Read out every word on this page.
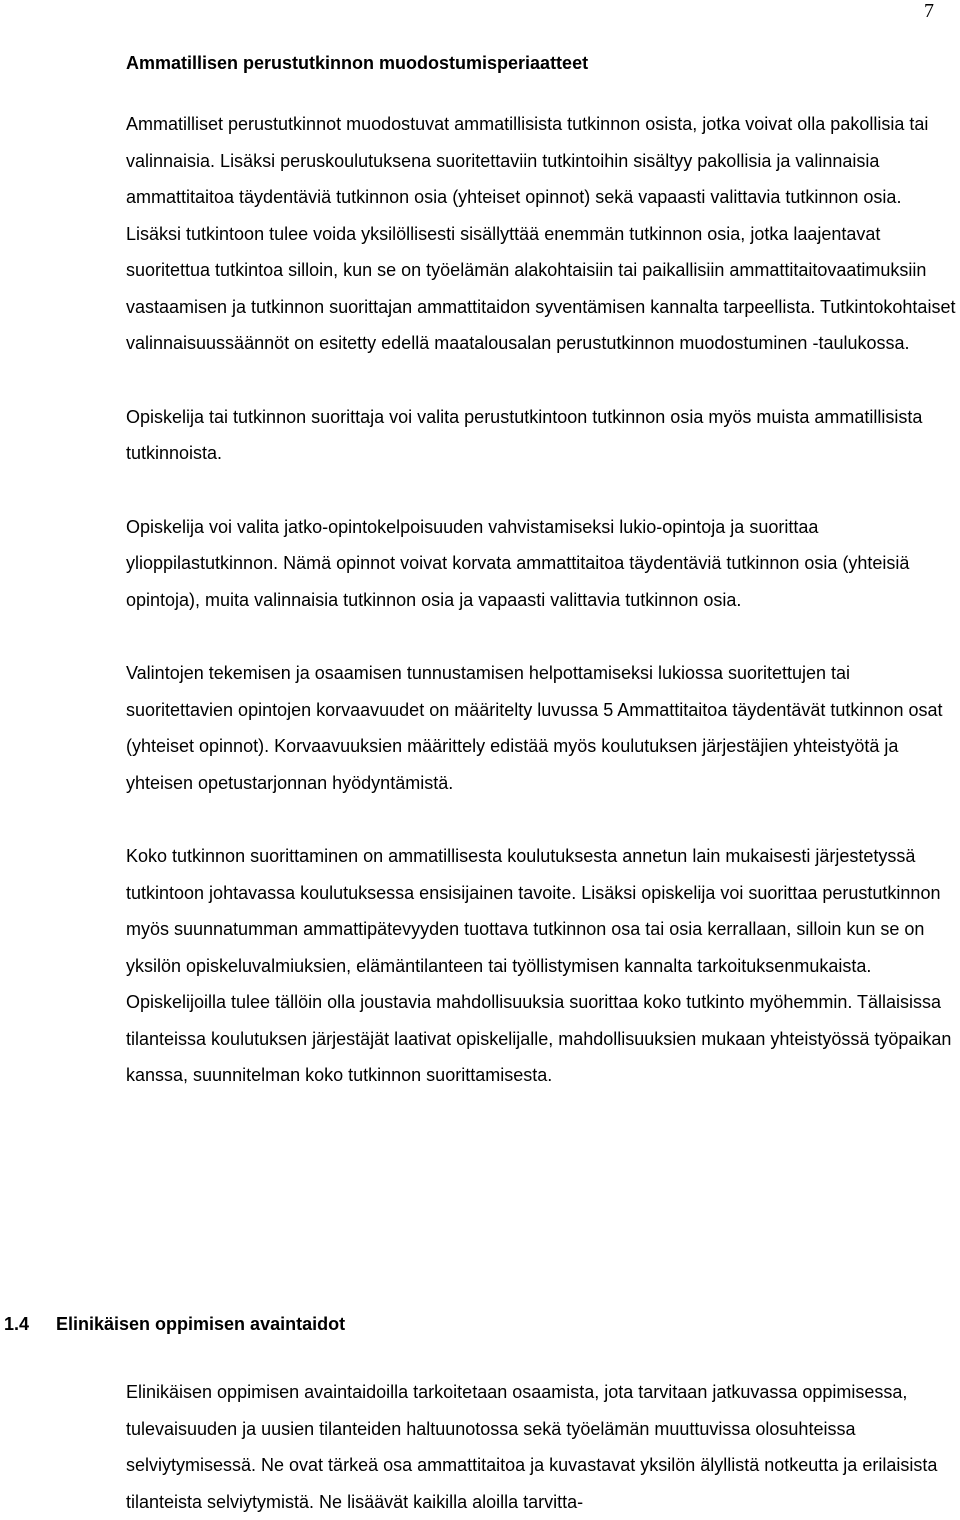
7
Ammatillisen perustutkinnon muodostumisperiaatteet

Ammatilliset perustutkinnot muodostuvat ammatillisista tutkinnon osista, jotka voivat olla pakollisia tai valinnaisia. Lisäksi peruskoulutuksena suoritettaviin tutkintoihin sisältyy pakollisia ja valinnaisia ammattitaitoa täydentäviä tutkinnon osia (yhteiset opinnot) sekä vapaasti valittavia tutkinnon osia. Lisäksi tutkintoon tulee voida yksilöllisesti sisällyttää enemmän tutkinnon osia, jotka laajentavat suoritettua tutkintoa silloin, kun se on työelämän alakohtaisiin tai paikallisiin ammattitaitovaatimuksiin vastaamisen ja tutkinnon suorittajan ammattitaidon syventämisen kannalta tarpeellista. Tutkintokohtaiset valinnaisuussäännöt on esitetty edellä maatalousalan perustutkinnon muodostuminen -taulukossa.

Opiskelija tai tutkinnon suorittaja voi valita perustutkintoon tutkinnon osia myös muista ammatillisista tutkinnoista.

Opiskelija voi valita jatko-opintokelpoisuuden vahvistamiseksi lukio-opintoja ja suorittaa ylioppilastutkinnon. Nämä opinnot voivat korvata ammattitaitoa täydentäviä tutkinnon osia (yhteisiä opintoja), muita valinnaisia tutkinnon osia ja vapaasti valittavia tutkinnon osia.

Valintojen tekemisen ja osaamisen tunnustamisen helpottamiseksi lukiossa suoritettujen tai suoritettavien opintojen korvaavuudet on määritelty luvussa 5 Ammattitaitoa täydentävät tutkinnon osat (yhteiset opinnot). Korvaavuuksien määrittely edistää myös koulutuksen järjestäjien yhteistyötä ja yhteisen opetustarjonnan hyödyntämistä.

Koko tutkinnon suorittaminen on ammatillisesta koulutuksesta annetun lain mukaisesti järjestetyssä tutkintoon johtavassa koulutuksessa ensisijainen tavoite. Lisäksi opiskelija voi suorittaa perustutkinnon myös suunnatumman ammattipätevyyden tuottava tutkinnon osa tai osia kerrallaan, silloin kun se on yksilön opiskeluvalmiuksien, elämäntilanteen tai työllistymisen kannalta tarkoituksenmukaista. Opiskelijoilla tulee tällöin olla joustavia mahdollisuuksia suorittaa koko tutkinto myöhemmin. Tällaisissa tilanteissa koulutuksen järjestäjät laativat opiskelijalle, mahdollisuuksien mukaan yhteistyössä työpaikan kanssa, suunnitelman koko tutkinnon suorittamisesta.

1.4 Elinikäisen oppimisen avaintaidot

Elinikäisen oppimisen avaintaidoilla tarkoitetaan osaamista, jota tarvitaan jatkuvassa oppimisessa, tulevaisuuden ja uusien tilanteiden haltuunotossa sekä työelämän muuttuvissa olosuhteissa selviytymisessä. Ne ovat tärkeä osa ammattitaitoa ja kuvastavat yksilön älyllistä notkeutta ja erilaisista tilanteista selviytymistä. Ne lisäävät kaikilla aloilla tarvitta-
